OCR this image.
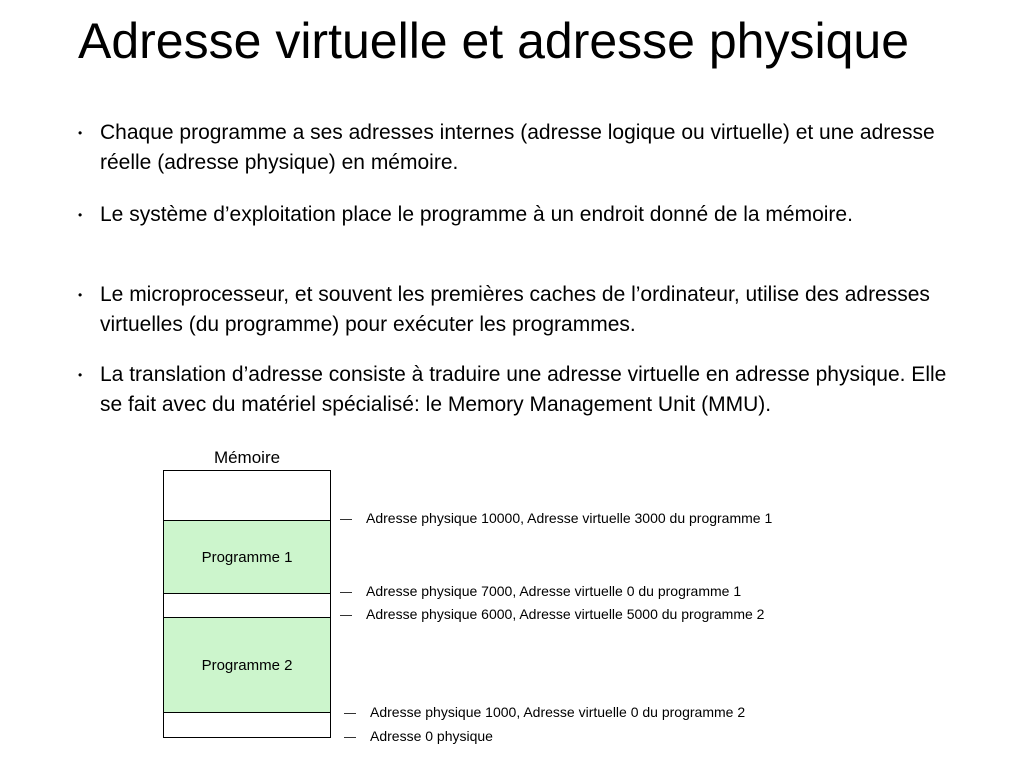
Adresse virtuelle et adresse physique
• Chaque programme a ses adresses internes (adresse logique ou virtuelle) et une adresse réelle (adresse physique) en mémoire.
• Le système d’exploitation place le programme à un endroit donné de la mémoire.
• Le microprocesseur, et souvent les premières caches de l’ordinateur, utilise des adresses virtuelles (du programme) pour exécuter les programmes.
• La translation d’adresse consiste à traduire une adresse virtuelle en adresse physique. Elle se fait avec du matériel spécialisé: le Memory Management Unit (MMU).
Mémoire
Programme 1
Programme 2
Adresse physique 10000, Adresse virtuelle 3000 du programme 1
Adresse physique 7000, Adresse virtuelle 0 du programme 1
Adresse physique 6000, Adresse virtuelle 5000 du programme 2
Adresse physique 1000, Adresse virtuelle 0 du programme 2
Adresse 0 physique
